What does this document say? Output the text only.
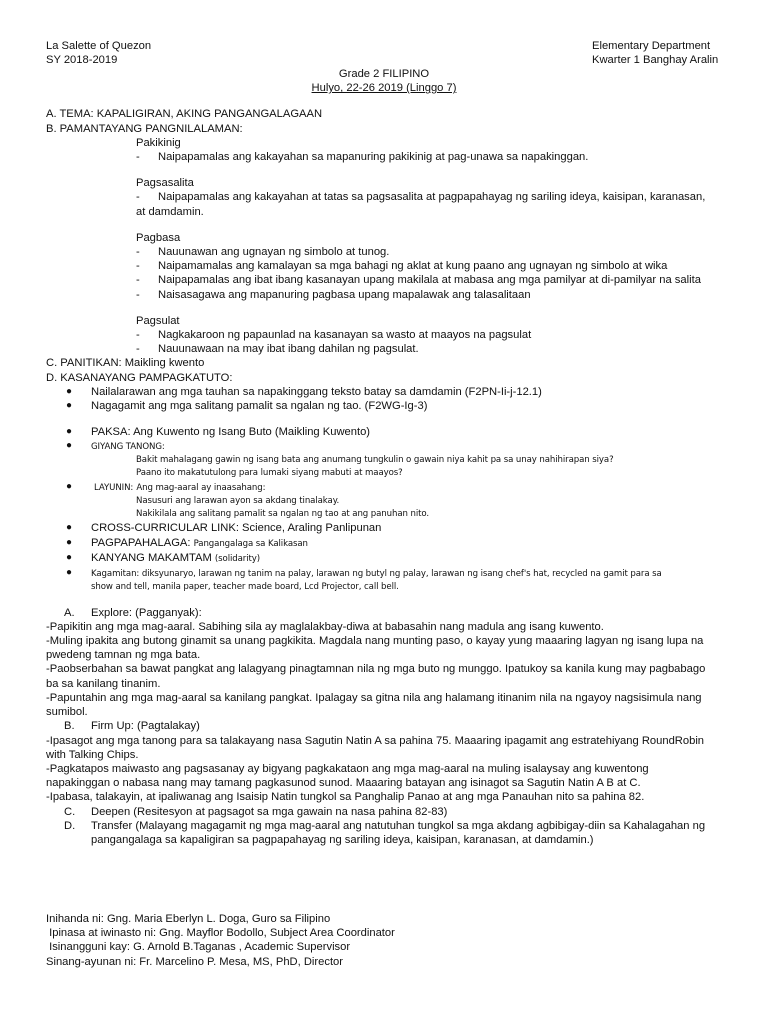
La Salette of Quezon
SY 2018-2019
Elementary Department
Kwarter 1 Banghay Aralin
Grade 2 FILIPINO
Hulyo, 22-26 2019 (Linggo 7)
A. TEMA: KAPALIGIRAN, AKING PANGANGALAGAAN
B. PAMANTAYANG PANGNILALAMAN:
Pakikinig
- Naipapamalas ang kakayahan sa mapanuring pakikinig at pag-unawa sa napakinggan.
Pagsasalita
- Naipapamalas ang kakayahan at tatas sa pagsasalita at pagpapahayag ng sariling ideya, kaisipan, karanasan,
at damdamin.
Pagbasa
- Nauunawan ang ugnayan ng simbolo at tunog.
- Naipamamalas ang kamalayan sa mga bahagi ng aklat at kung paano ang ugnayan ng simbolo at wika
- Naipapamalas ang ibat ibang kasanayan upang makilala at mabasa ang mga pamilyar at di-pamilyar na salita
- Naisasagawa ang mapanuring pagbasa upang mapalawak ang talasalitaan
Pagsulat
- Nagkakaroon ng papaunlad na kasanayan sa wasto at maayos na pagsulat
- Nauunawaan na may ibat ibang dahilan ng pagsulat.
C. PANITIKAN: Maikling kwento
D. KASANAYANG PAMPAGKATUTO:
● Nailalarawan ang mga tauhan sa napakinggang teksto batay sa damdamin (F2PN-Ii-j-12.1)
● Nagagamit ang mga salitang pamalit sa ngalan ng tao. (F2WG-Ig-3)
● PAKSA: Ang Kuwento ng Isang Buto (Maikling Kuwento)
● GIYANG TANONG:
Bakit mahalagang gawin ng isang bata ang anumang tungkulin o gawain niya kahit pa sa unay nahihirapan siya?
Paano ito makatutulong para lumaki siyang mabuti at maayos?
●	LAYUNIN: Ang mag-aaral ay inaasahang:
Nasusuri ang larawan ayon sa akdang tinalakay.
Nakikilala ang salitang pamalit sa ngalan ng tao at ang panuhan nito.
● CROSS-CURRICULAR LINK: Science, Araling Panlipunan
● PAGPAPAHALAGA: Pangangalaga sa Kalikasan
● KANYANG MAKAMTAM (solidarity)
● Kagamitan: diksyunaryo, larawan ng tanim na palay, larawan ng butyl ng palay, larawan ng isang chef's hat, recycled na gamit para sa
show and tell, manila paper, teacher made board, Lcd Projector, call bell.
A. Explore: (Pagganyak):
-Papikitin ang mga mag-aaral. Sabihing sila ay maglalakbay-diwa at babasahin nang madula ang isang kuwento.
-Muling ipakita ang butong ginamit sa unang pagkikita. Magdala nang munting paso, o kayay yung maaaring lagyan ng isang lupa na
pwedeng tamnan ng mga bata.
-Paobserbahan sa bawat pangkat ang lalagyang pinagtamnan nila ng mga buto ng munggo. Ipatukoy sa kanila kung may pagbabago
ba sa kanilang tinanim.
-Papuntahin ang mga mag-aaral sa kanilang pangkat. Ipalagay sa gitna nila ang halamang itinanim nila na ngayoy nagsisimula nang
sumibol.
B. Firm Up: (Pagtalakay)
-Ipasagot ang mga tanong para sa talakayang nasa Sagutin Natin A sa pahina 75. Maaaring ipagamit ang estratehiyang RoundRobin
with Talking Chips.
-Pagkatapos maiwasto ang pagsasanay ay bigyang pagkakataon ang mga mag-aaral na muling isalaysay ang kuwentong
napakinggan o nabasa nang may tamang pagkasunod sunod. Maaaring batayan ang isinagot sa Sagutin Natin A B at C.
-Ipabasa, talakayin, at ipaliwanag ang Isaisip Natin tungkol sa Panghalip Panao at ang mga Panauhan nito sa pahina 82.
C. Deepen (Resitesyon at pagsagot sa mga gawain na nasa pahina 82-83)
D. Transfer (Malayang magagamit ng mga mag-aaral ang natutuhan tungkol sa mga akdang agbibigay-diin sa Kahalagahan ng
pangangalaga sa kapaligiran sa pagpapahayag ng sariling ideya, kaisipan, karanasan, at damdamin.)
Inihanda ni: Gng. Maria Eberlyn L. Doga, Guro sa Filipino
Ipinasa at iwinasto ni: Gng. Mayflor Bodollo, Subject Area Coordinator
Isinangguni kay: G. Arnold B.Taganas , Academic Supervisor
Sinang-ayunan ni: Fr. Marcelino P. Mesa, MS, PhD, Director
